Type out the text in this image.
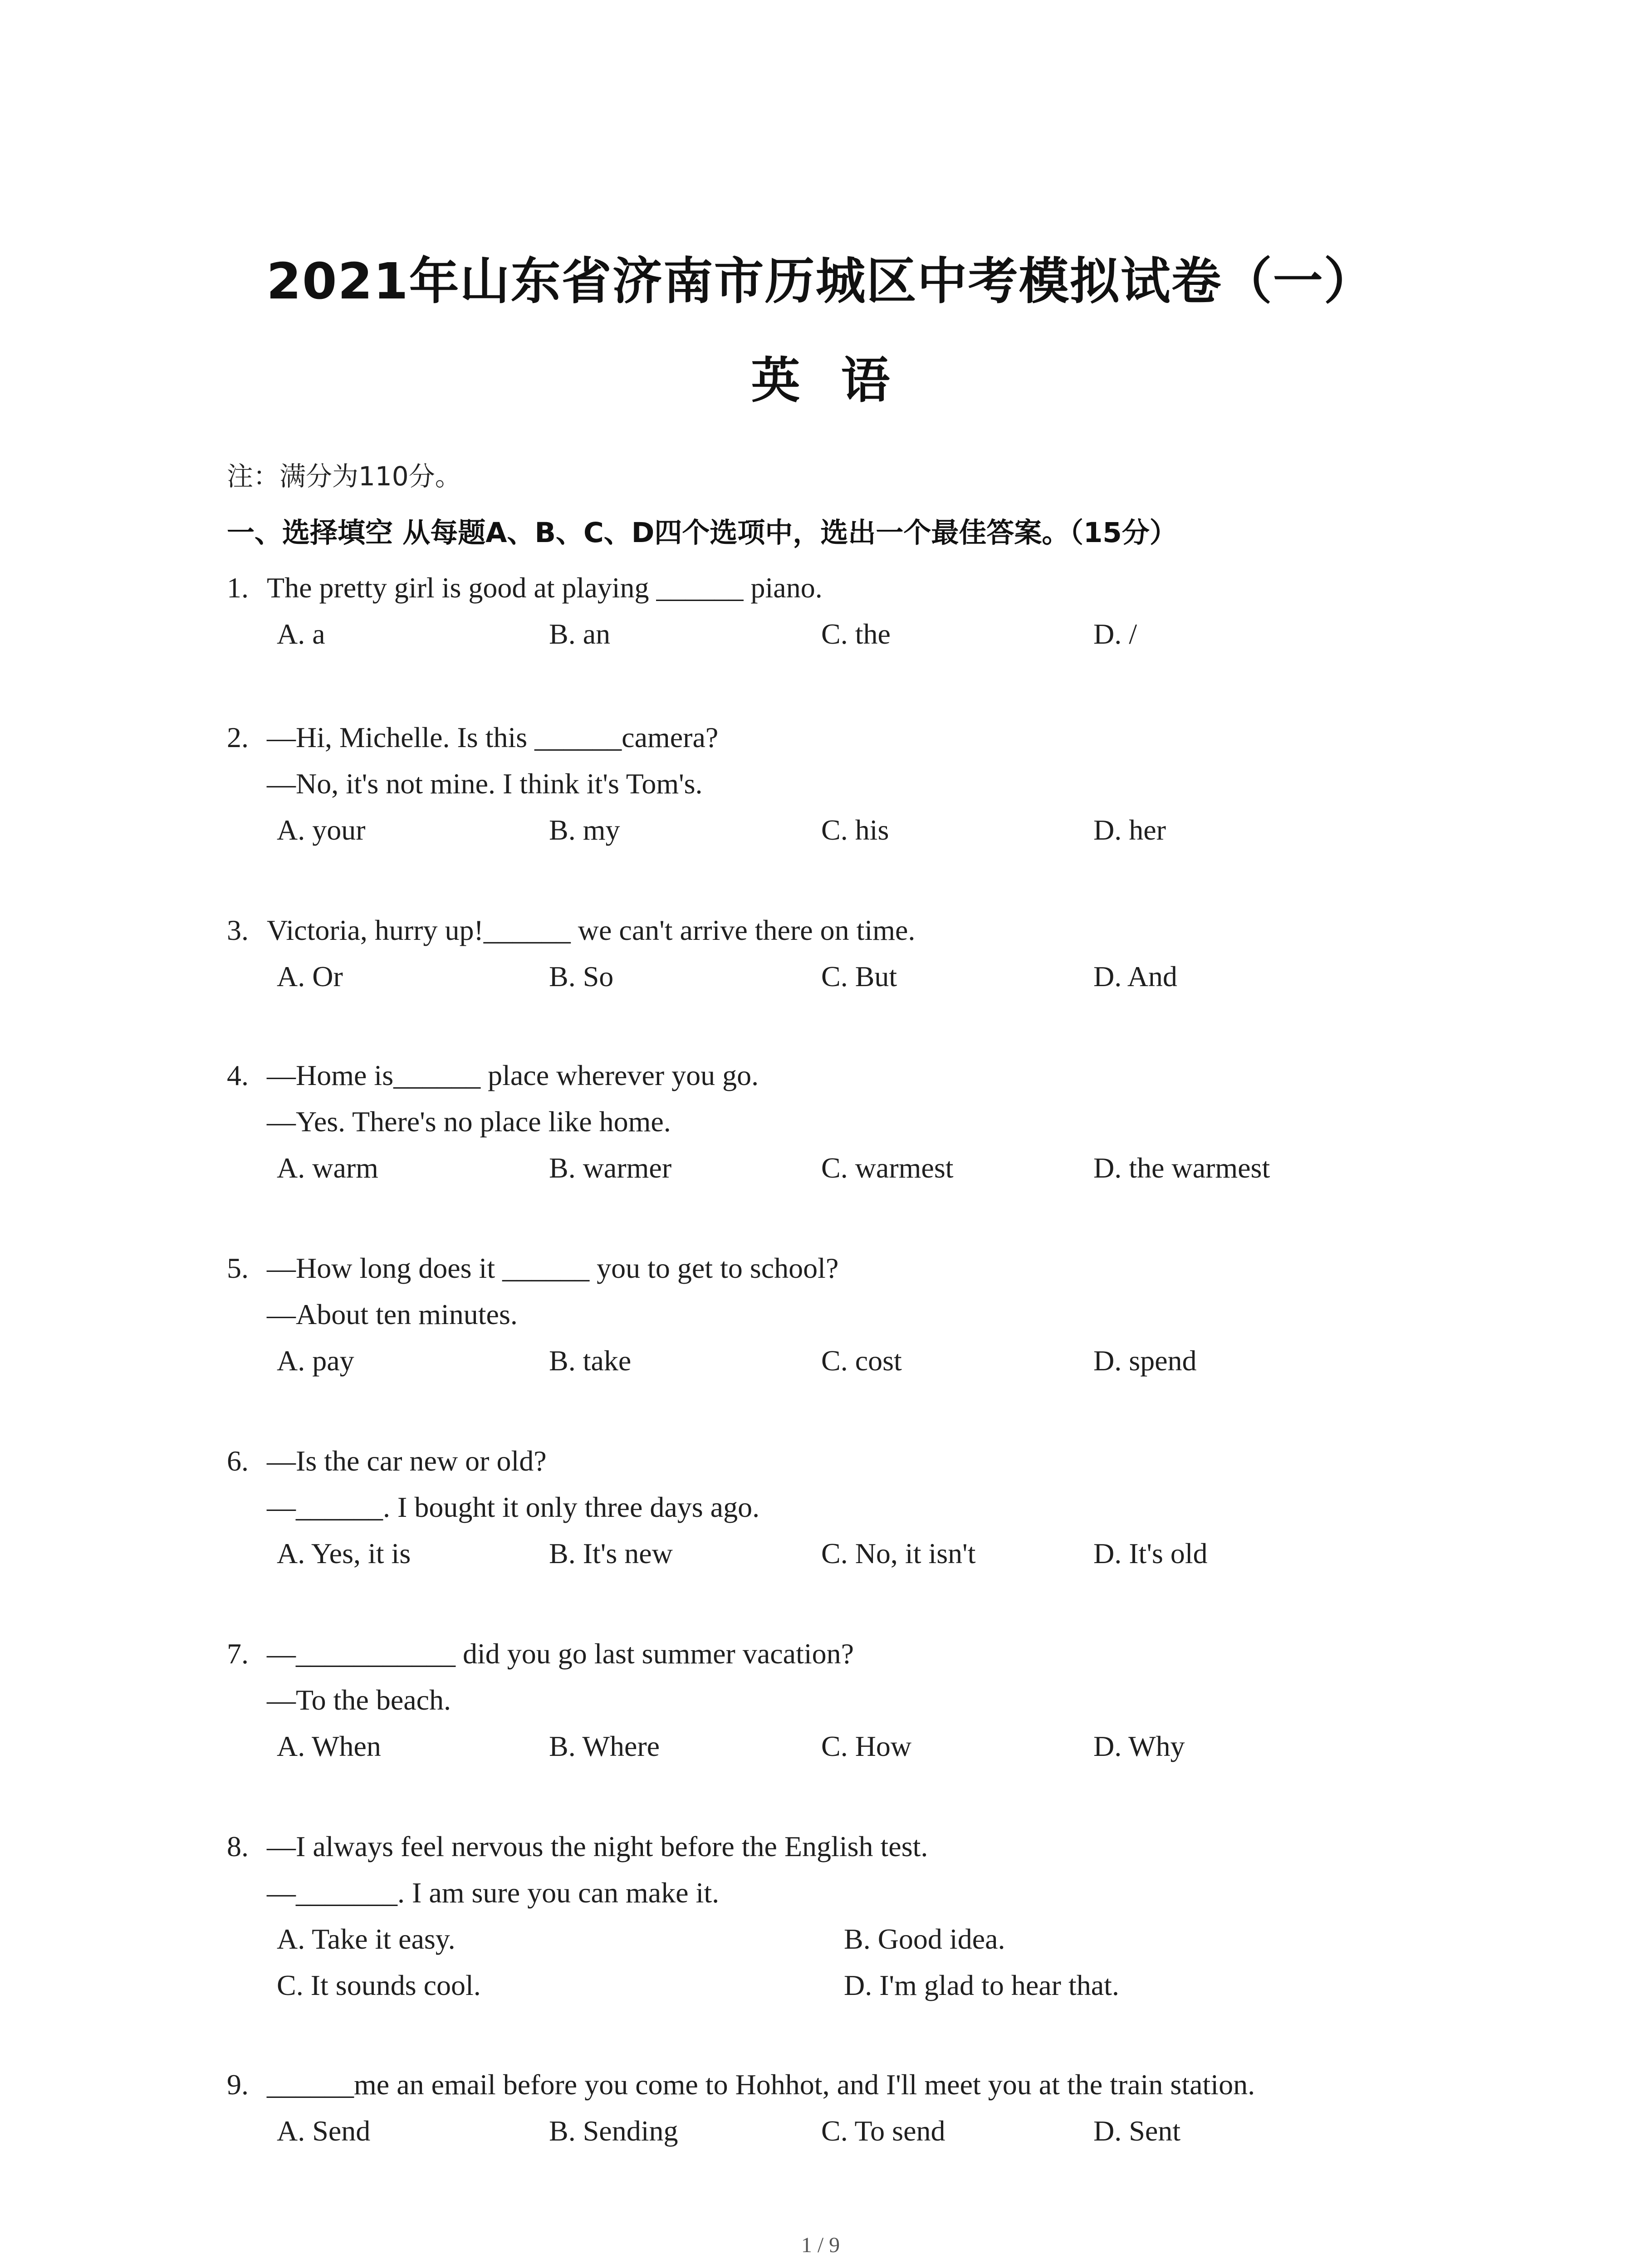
2021年山东省济南市历城区中考模拟试卷（一）
英语
注：满分为110分。
一、选择填空 从每题A、B、C、D四个选项中，选出一个最佳答案。（15分）
1. The pretty girl is good at playing ______ piano.
A. a	B. an	C. the	D. /
2. —Hi, Michelle. Is this ______camera?
—No, it's not mine. I think it's Tom's.
A. your	B. my	C. his	D. her
3. Victoria, hurry up!______ we can't arrive there on time.
A. Or	B. So	C. But	D. And
4. —Home is______ place wherever you go.
—Yes. There's no place like home.
A. warm	B. warmer	C. warmest	D. the warmest
5. —How long does it ______ you to get to school?
—About ten minutes.
A. pay	B. take	C. cost	D. spend
6. —Is the car new or old?
—______. I bought it only three days ago.
A. Yes, it is	B. It's new	C. No, it isn't	D. It's old
7. —___________ did you go last summer vacation?
—To the beach.
A. When	B. Where	C. How	D. Why
8. —I always feel nervous the night before the English test.
—_______. I am sure you can make it.
A. Take it easy.	B. Good idea.
C. It sounds cool.	D. I'm glad to hear that.
9. ______me an email before you come to Hohhot, and I'll meet you at the train station.
A. Send	B. Sending	C. To send	D. Sent
1 / 9
